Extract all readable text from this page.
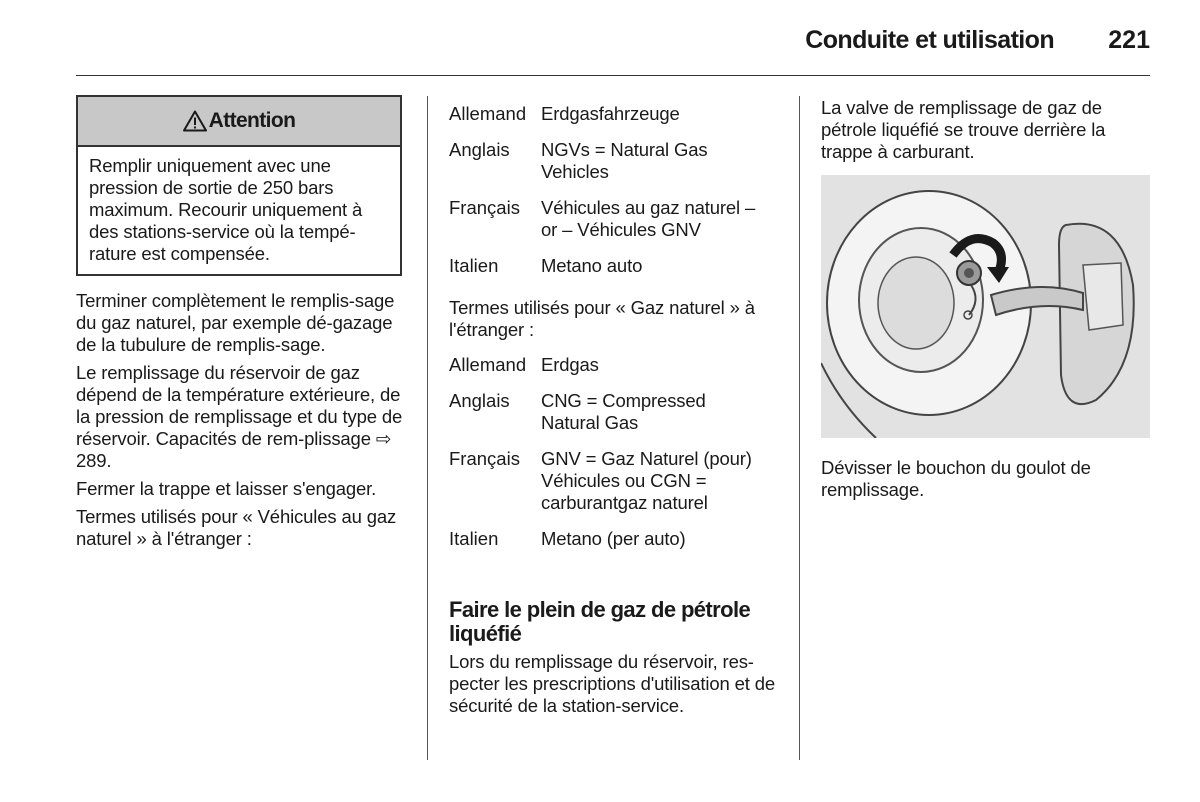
Conduite et utilisation	221
Attention

Remplir uniquement avec une pression de sortie de 250 bars maximum. Recourir uniquement à des stations-service où la tempé-rature est compensée.

Terminer complètement le remplis-sage du gaz naturel, par exemple dé-gazage de la tubulure de remplis-sage.

Le remplissage du réservoir de gaz dépend de la température extérieure, de la pression de remplissage et du type de réservoir. Capacités de rem-plissage ⇨ 289.

Fermer la trappe et laisser s'engager.

Termes utilisés pour « Véhicules au gaz naturel » à l'étranger :

Allemand Erdgasfahrzeuge
Anglais	NGVs = Natural Gas Vehicles
Français	Véhicules au gaz naturel – or – Véhicules GNV
Italien	Metano auto

Termes utilisés pour « Gaz naturel » à l'étranger :

Allemand Erdgas
Anglais	CNG = Compressed Natural Gas
Français	GNV = Gaz Naturel (pour) Véhicules ou CGN = carburantgaz naturel
Italien	Metano (per auto)
Faire le plein de gaz de pétrole liquéfié

Lors du remplissage du réservoir, res-pecter les prescriptions d'utilisation et de sécurité de la station-service.

La valve de remplissage de gaz de pétrole liquéfié se trouve derrière la trappe à carburant.

Dévisser le bouchon du goulot de remplissage.
